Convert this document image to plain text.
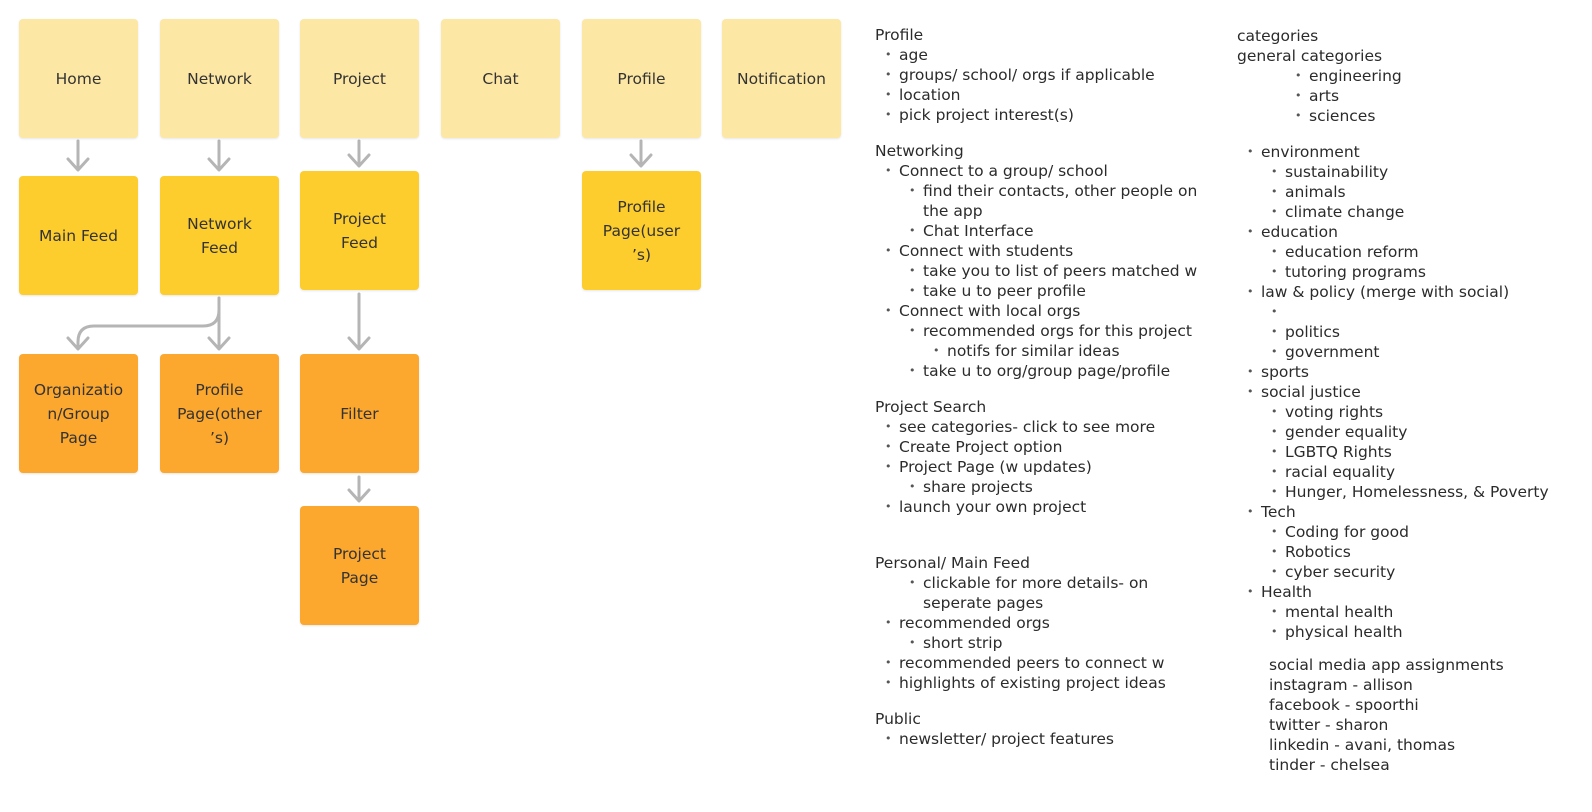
Home	Network	Project	Chat	Profile	Notification
Main Feed
Network
Feed
Project
Feed
Profile
Page(user
’s)
Organizatio
n/Group
Page
Profile
Page(other
’s)
Filter
Project
Page
Profile
• age
• groups/ school/ orgs if applicable
• location
• pick project interest(s)
Networking
• Connect to a group/ school
• find their contacts, other people on
the app
• Chat Interface
• Connect with students
• take you to list of peers matched w
• take u to peer profile
• Connect with local orgs
• recommended orgs for this project
• notifs for similar ideas
• take u to org/group page/profile
Project Search
• see categories- click to see more
• Create Project option
• Project Page (w updates)
• share projects
• launch your own project
Personal/ Main Feed
• clickable for more details- on
seperate pages
• recommended orgs
• short strip
• recommended peers to connect w
• highlights of existing project ideas
Public
• newsletter/ project features
categories
general categories
• engineering
• arts
• sciences
• environment
• sustainability
• animals
• climate change
• education
• education reform
• tutoring programs
• law & policy (merge with social)
•
• politics
• government
• sports
• social justice
• voting rights
• gender equality
• LGBTQ Rights
• racial equality
• Hunger, Homelessness, & Poverty
• Tech
• Coding for good
• Robotics
• cyber security
• Health
• mental health
• physical health
social media app assignments
instagram - allison
facebook - spoorthi
twitter - sharon
linkedin - avani, thomas
tinder - chelsea
